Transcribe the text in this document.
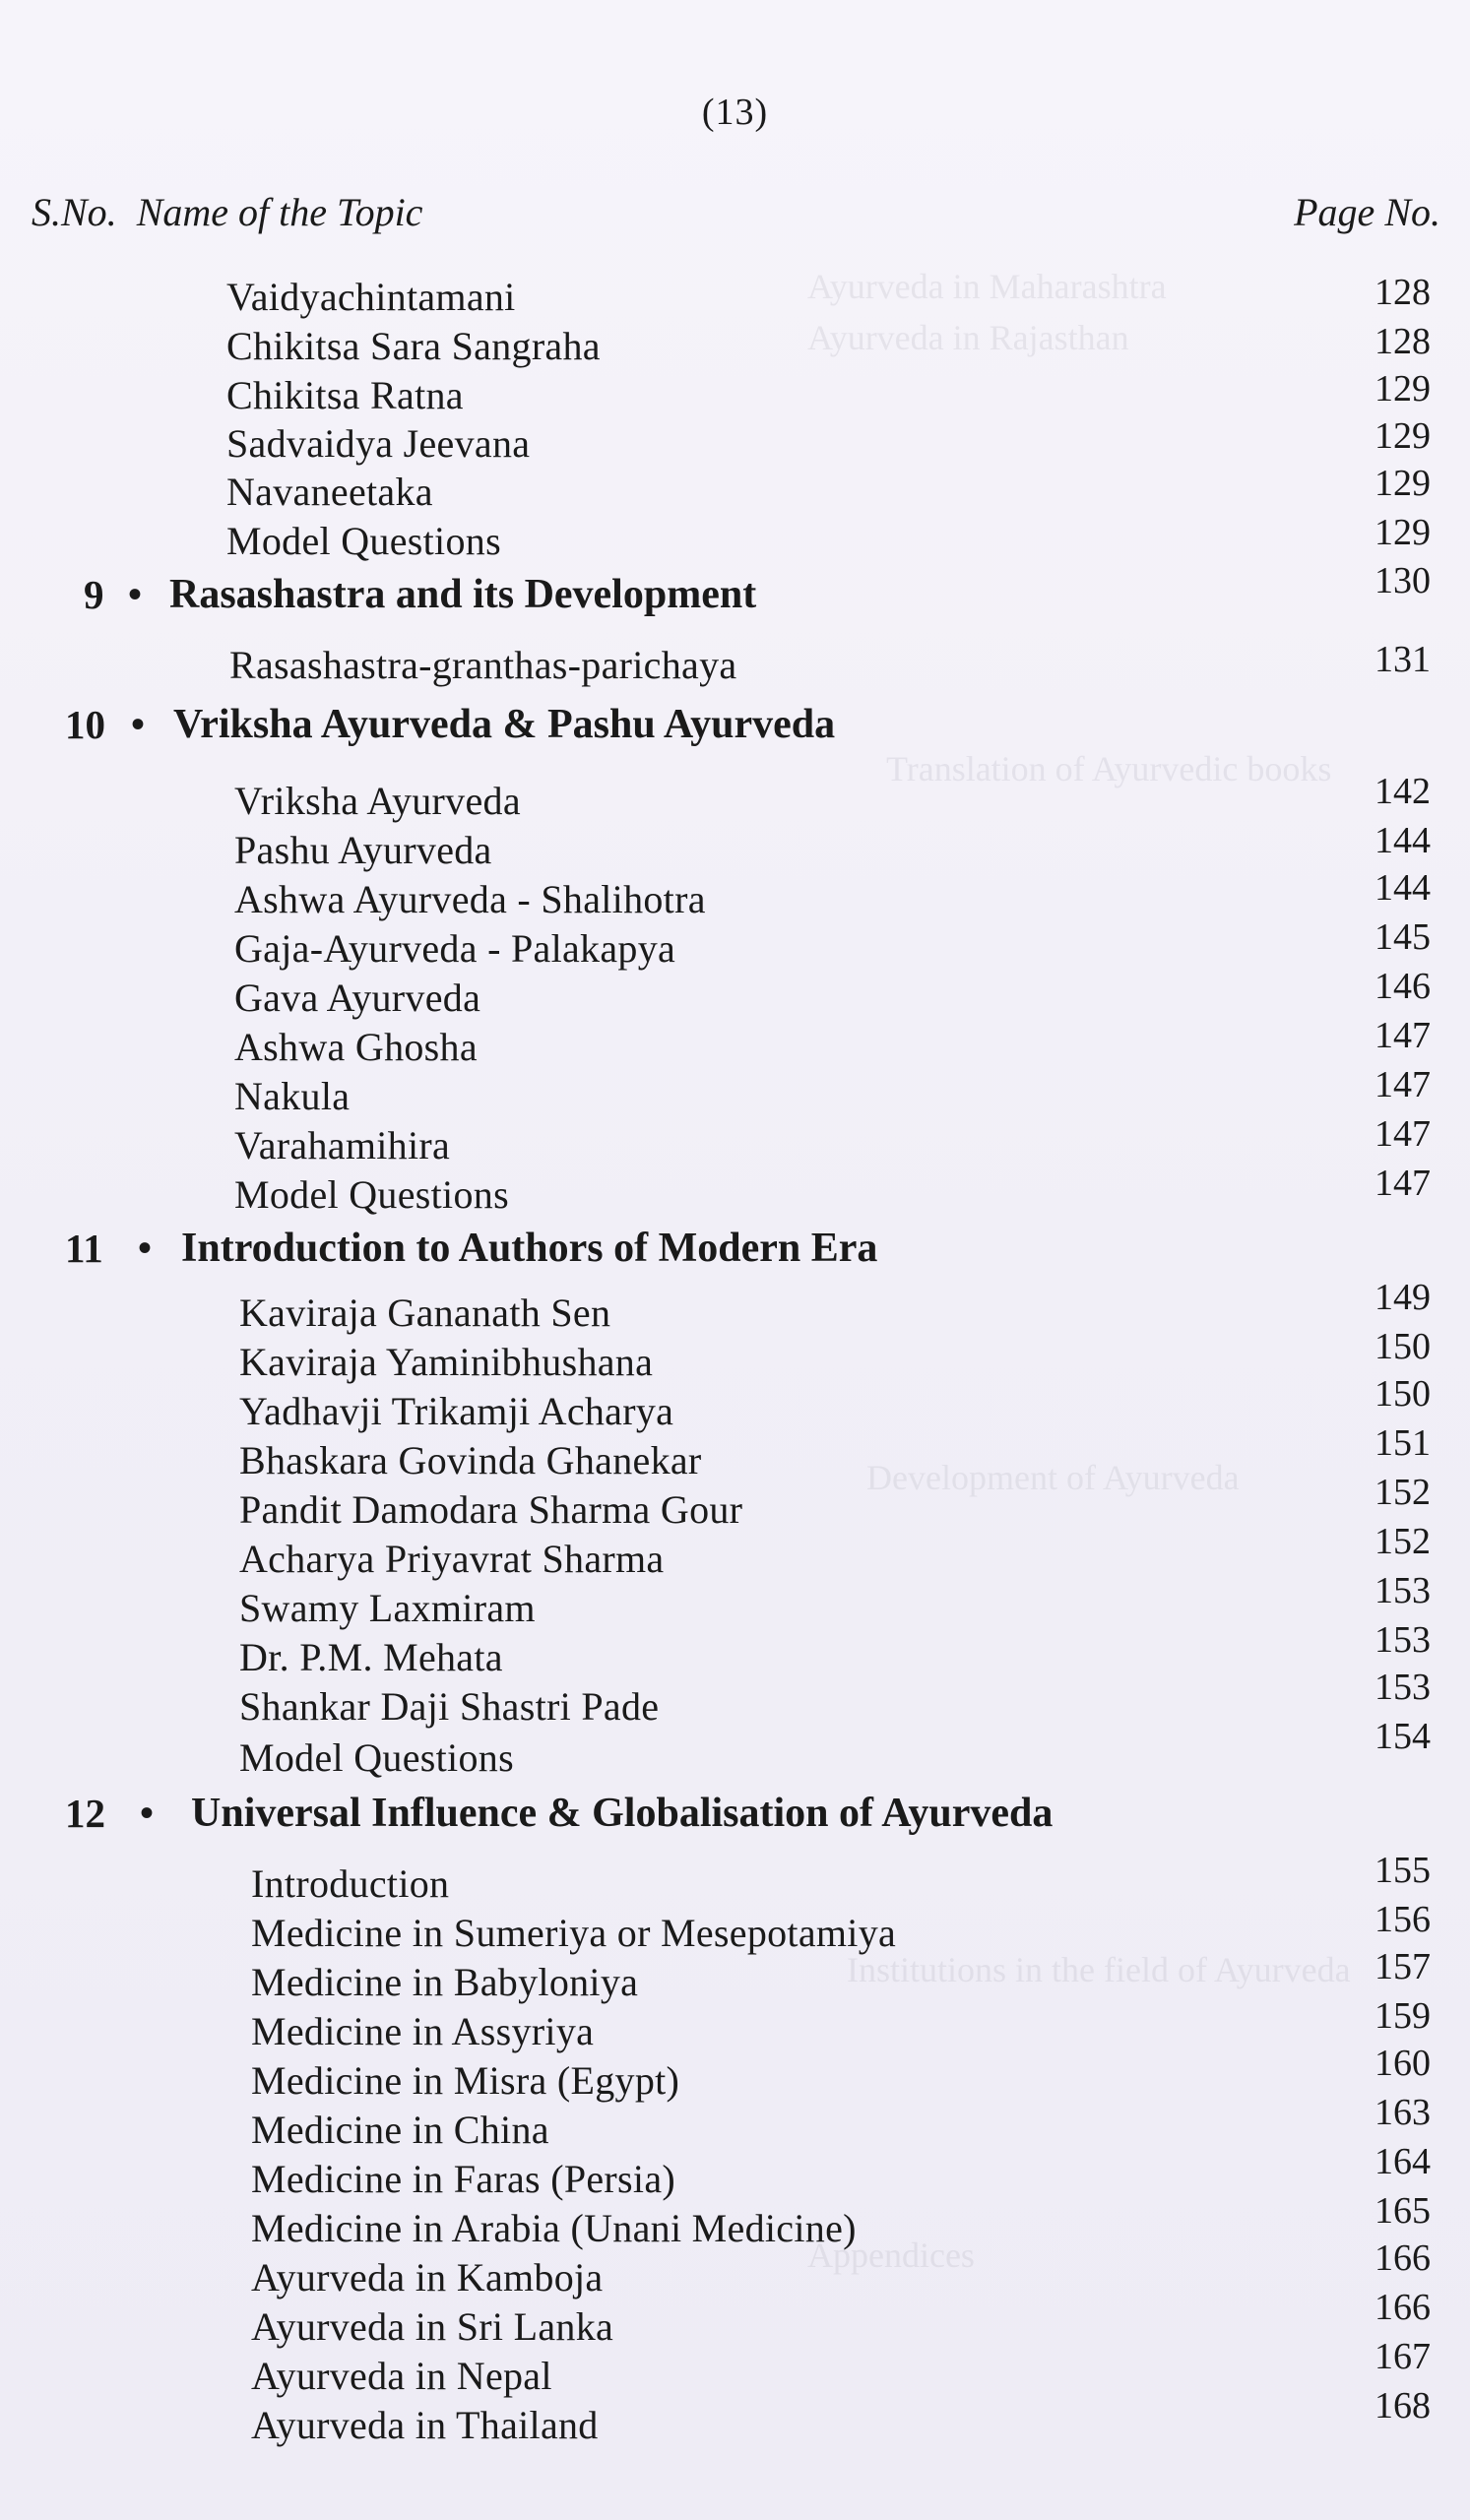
Ayurveda in Maharashtra
Ayurveda in Rajasthan
Translation of Ayurvedic books
Development of Ayurveda
Institutions in the field of Ayurveda
Appendices
(13)
S.No. Name of the Topic	Page No.
Vaidyachintamani	128
Chikitsa Sara Sangraha	128
Chikitsa Ratna	129
Sadvaidya Jeevana	129
Navaneetaka	129
Model Questions	129
9 • Rasashastra and its Development	130
Rasashastra-granthas-parichaya	131
10 • Vriksha Ayurveda & Pashu Ayurveda
Vriksha Ayurveda	142
Pashu Ayurveda	144
Ashwa Ayurveda - Shalihotra	144
Gaja-Ayurveda - Palakapya	145
Gava Ayurveda	146
Ashwa Ghosha	147
Nakula	147
Varahamihira	147
Model Questions	147
11 • Introduction to Authors of Modern Era
Kaviraja Gananath Sen	149
Kaviraja Yaminibhushana	150
Yadhavji Trikamji Acharya	150
Bhaskara Govinda Ghanekar	151
Pandit Damodara Sharma Gour	152
Acharya Priyavrat Sharma	152
Swamy Laxmiram	153
Dr. P.M. Mehata	153
Shankar Daji Shastri Pade	153
Model Questions	154
12 • Universal Influence & Globalisation of Ayurveda
Introduction	155
Medicine in Sumeriya or Mesepotamiya	156
Medicine in Babyloniya	157
Medicine in Assyriya	159
Medicine in Misra (Egypt)	160
Medicine in China	163
Medicine in Faras (Persia)	164
Medicine in Arabia (Unani Medicine)	165
Ayurveda in Kamboja	166
Ayurveda in Sri Lanka	166
Ayurveda in Nepal	167
Ayurveda in Thailand	168
